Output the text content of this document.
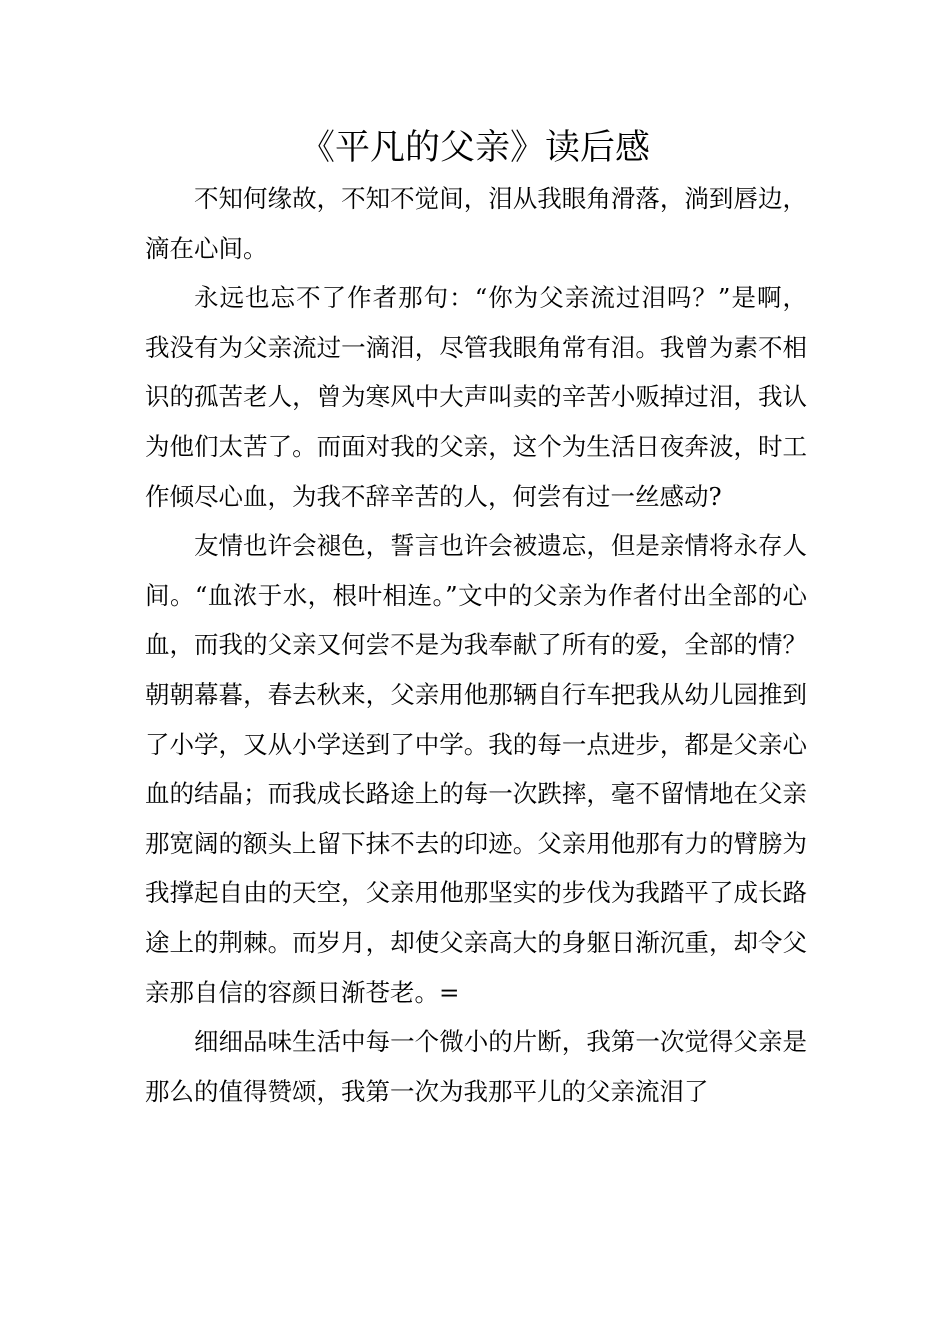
《平凡的父亲》读后感

不知何缘故，不知不觉间，泪从我眼角滑落，淌到唇边，滴在心间。

永远也忘不了作者那句：“你为父亲流过泪吗？”是啊，我没有为父亲流过一滴泪，尽管我眼角常有泪。我曾为素不相识的孤苦老人，曾为寒风中大声叫卖的辛苦小贩掉过泪，我认为他们太苦了。而面对我的父亲，这个为生活日夜奔波，时工作倾尽心血，为我不辞辛苦的人，何尝有过一丝感动?

友情也许会褪色，誓言也许会被遗忘，但是亲情将永存人间。“血浓于水，根叶相连。”文中的父亲为作者付出全部的心血，而我的父亲又何尝不是为我奉献了所有的爱，全部的情？朝朝幕暮，春去秋来，父亲用他那辆自行车把我从幼儿园推到了小学，又从小学送到了中学。我的每一点进步，都是父亲心血的结晶；而我成长路途上的每一次跌摔，毫不留情地在父亲那宽阔的额头上留下抹不去的印迹。父亲用他那有力的臂膀为我撑起自由的天空，父亲用他那坚实的步伐为我踏平了成长路途上的荆棘。而岁月，却使父亲高大的身躯日渐沉重，却令父亲那自信的容颜日渐苍老。=

细细品味生活中每一个微小的片断，我第一次觉得父亲是那么的值得赞颂，我第一次为我那平儿的父亲流泪了
